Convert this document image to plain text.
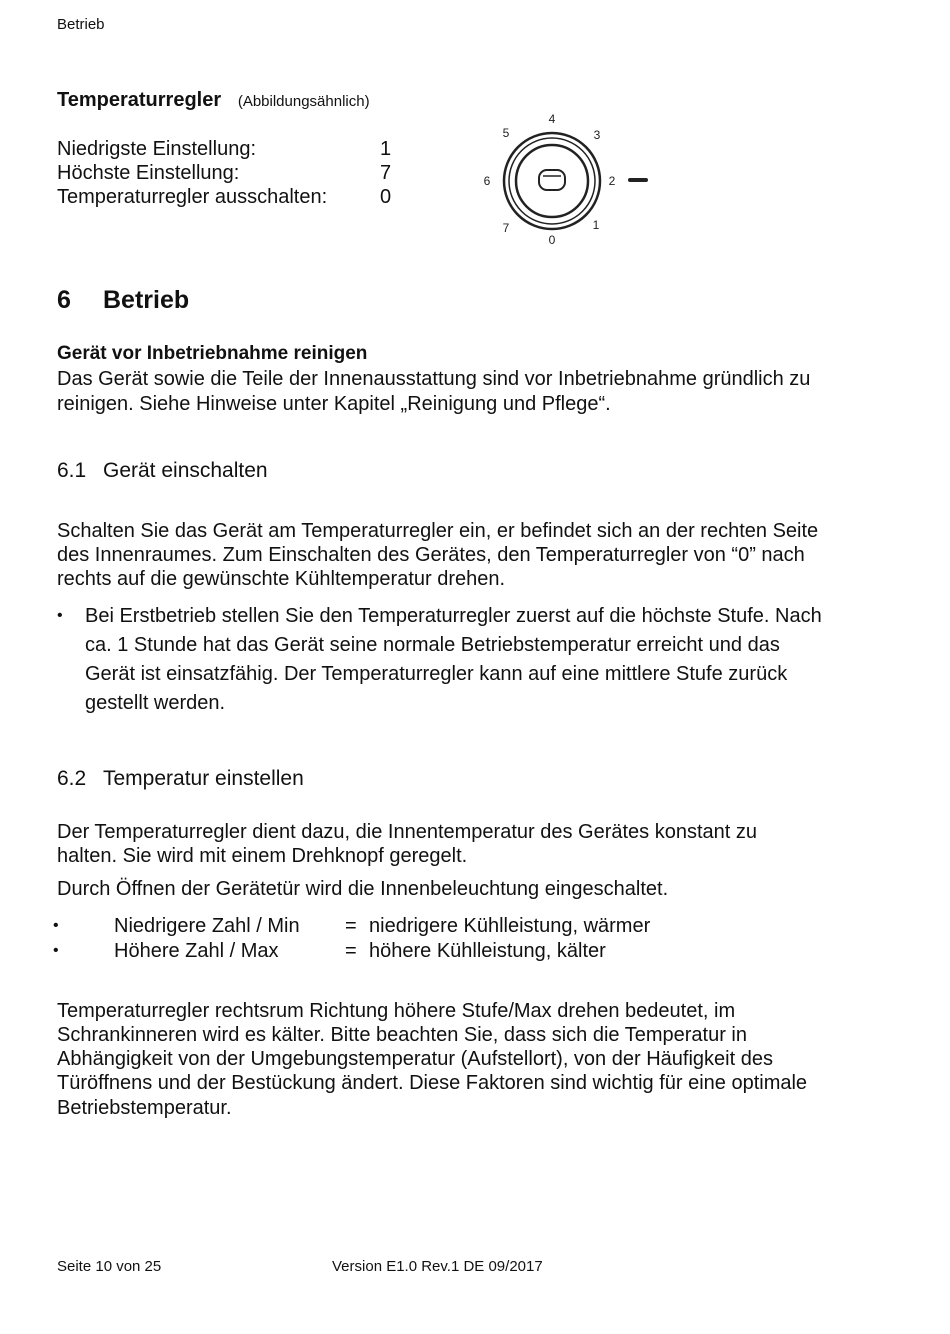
Betrieb
Temperaturregler (Abbildungsähnlich)
Niedrigste Einstellung:	1
Höchste Einstellung:	7
Temperaturregler ausschalten:	0
0
1
2
3
4
5
6
7
6 Betrieb
Gerät vor Inbetriebnahme reinigen
Das Gerät sowie die Teile der Innenausstattung sind vor Inbetriebnahme gründlich zu
reinigen. Siehe Hinweise unter Kapitel „Reinigung und Pflege“.
6.1 Gerät einschalten
Schalten Sie das Gerät am Temperaturregler ein, er befindet sich an der rechten Seite
des Innenraumes. Zum Einschalten des Gerätes, den Temperaturregler von “0” nach
rechts auf die gewünschte Kühltemperatur drehen.
• Bei Erstbetrieb stellen Sie den Temperaturregler zuerst auf die höchste Stufe. Nach
ca. 1 Stunde hat das Gerät seine normale Betriebstemperatur erreicht und das
Gerät ist einsatzfähig. Der Temperaturregler kann auf eine mittlere Stufe zurück
gestellt werden.
6.2 Temperatur einstellen
Der Temperaturregler dient dazu, die Innentemperatur des Gerätes konstant zu
halten. Sie wird mit einem Drehknopf geregelt.
Durch Öffnen der Gerätetür wird die Innenbeleuchtung eingeschaltet.
•	Niedrigere Zahl / Min = niedrigere Kühlleistung, wärmer
•	Höhere Zahl / Max	= höhere Kühlleistung, kälter
Temperaturregler rechtsrum Richtung höhere Stufe/Max drehen bedeutet, im
Schrankinneren wird es kälter. Bitte beachten Sie, dass sich die Temperatur in
Abhängigkeit von der Umgebungstemperatur (Aufstellort), von der Häufigkeit des
Türöffnens und der Bestückung ändert. Diese Faktoren sind wichtig für eine optimale
Betriebstemperatur.
Seite 10 von 25	Version E1.0 Rev.1 DE 09/2017
